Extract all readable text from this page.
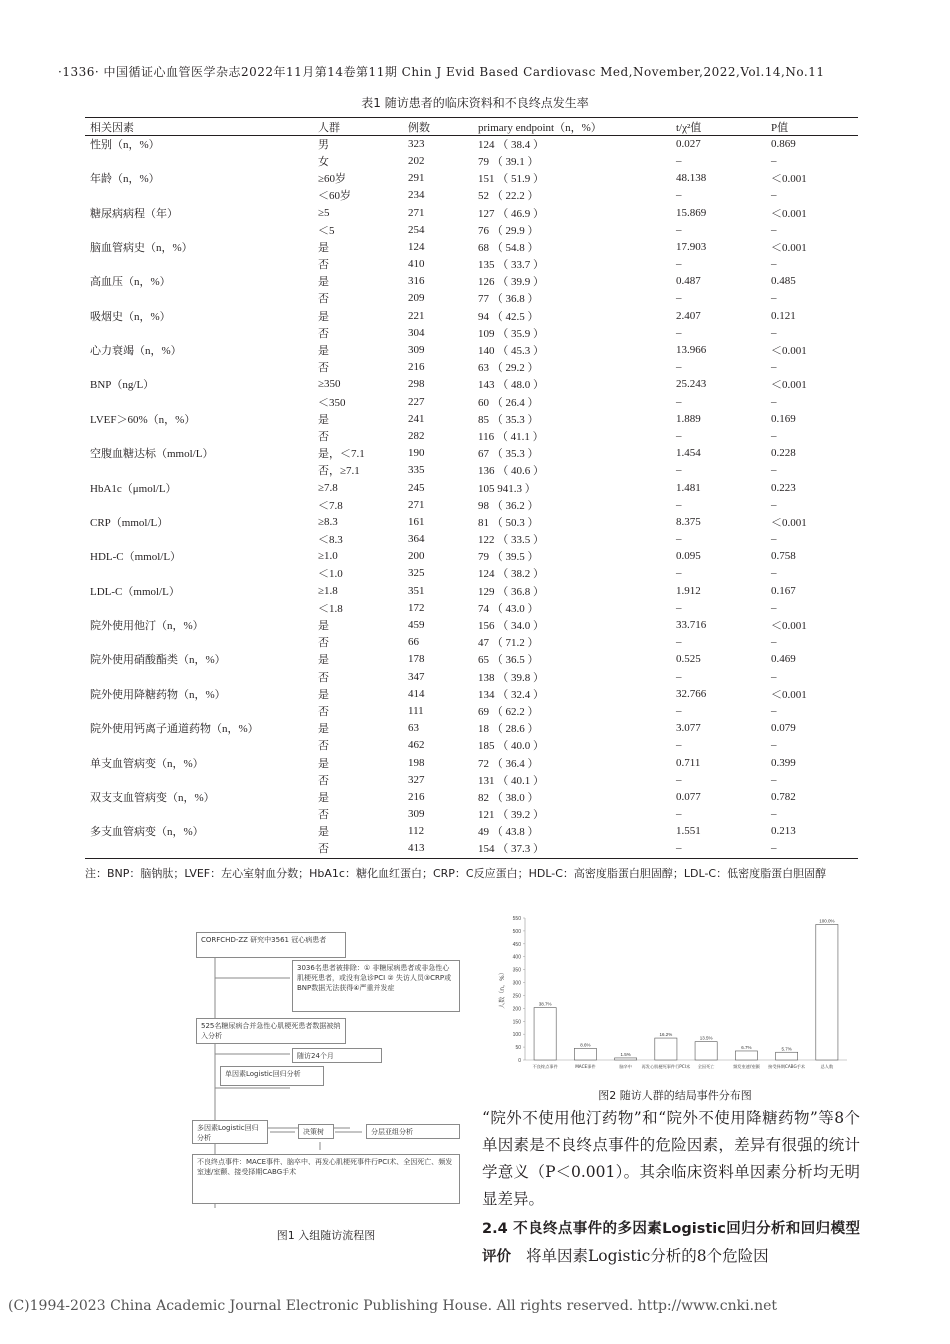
·1336· 中国循证心血管医学杂志2022年11月第14卷第11期 Chin J Evid Based Cardiovasc Med,November,2022,Vol.14,No.11
表1 随访患者的临床资料和不良终点发生率
相关因素	人群	例数	primary endpoint（n，%）	t/χ²值	P值
性别（n，%）	男	323	124 （ 38.4 ）	0.027	0.869
	女	202	79 （ 39.1 ）	–	–
年龄（n，%）	≥60岁	291	151 （ 51.9 ）	48.138	＜0.001
	＜60岁	234	52 （ 22.2 ）	–	–
糖尿病病程（年）	≥5	271	127 （ 46.9 ）	15.869	＜0.001
	＜5	254	76 （ 29.9 ）	–	–
脑血管病史（n，%）	是	124	68 （ 54.8 ）	17.903	＜0.001
	否	410	135 （ 33.7 ）	–	–
高血压（n，%）	是	316	126 （ 39.9 ）	0.487	0.485
	否	209	77 （ 36.8 ）	–	–
吸烟史（n，%）	是	221	94 （ 42.5 ）	2.407	0.121
	否	304	109 （ 35.9 ）	–	–
心力衰竭（n，%）	是	309	140 （ 45.3 ）	13.966	＜0.001
	否	216	63 （ 29.2 ）	–	–
BNP（ng/L）	≥350	298	143 （ 48.0 ）	25.243	＜0.001
	＜350	227	60 （ 26.4 ）	–	–
LVEF＞60%（n，%）	是	241	85 （ 35.3 ）	1.889	0.169
	否	282	116 （ 41.1 ）	–	–
空腹血糖达标（mmol/L）	是，＜7.1	190	67 （ 35.3 ）	1.454	0.228
	否，≥7.1	335	136 （ 40.6 ）	–	–
HbA1c（μmol/L）	≥7.8	245	105 941.3 ）	1.481	0.223
	＜7.8	271	98 （ 36.2 ）	–	–
CRP（mmol/L）	≥8.3	161	81 （ 50.3 ）	8.375	＜0.001
	＜8.3	364	122 （ 33.5 ）	–	–
HDL-C（mmol/L）	≥1.0	200	79 （ 39.5 ）	0.095	0.758
	＜1.0	325	124 （ 38.2 ）	–	–
LDL-C（mmol/L）	≥1.8	351	129 （ 36.8 ）	1.912	0.167
	＜1.8	172	74 （ 43.0 ）	–	–
院外使用他汀（n，%）	是	459	156 （ 34.0 ）	33.716	＜0.001
	否	66	47 （ 71.2 ）	–	–
院外使用硝酸酯类（n，%）	是	178	65 （ 36.5 ）	0.525	0.469
	否	347	138 （ 39.8 ）	–	–
院外使用降糖药物（n，%）	是	414	134 （ 32.4 ）	32.766	＜0.001
	否	111	69 （ 62.2 ）	–	–
院外使用钙离子通道药物（n，%）	是	63	18 （ 28.6 ）	3.077	0.079
	否	462	185 （ 40.0 ）	–	–
单支血管病变（n，%）	是	198	72 （ 36.4 ）	0.711	0.399
	否	327	131 （ 40.1 ）	–	–
双支支血管病变（n，%）	是	216	82 （ 38.0 ）	0.077	0.782
	否	309	121 （ 39.2 ）	–	–
多支血管病变（n，%）	是	112	49 （ 43.8 ）	1.551	0.213
	否	413	154 （ 37.3 ）	–	–
注：BNP：脑钠肽；LVEF：左心室射血分数；HbA1c：糖化血红蛋白；CRP：C反应蛋白；HDL-C：高密度脂蛋白胆固醇；LDL-C：低密度脂蛋白胆固醇
CORFCHD-ZZ 研究中3561 冠心病患者
3036名患者被排除：① 非糖尿病患者或非急性心肌梗死患者，或没有急诊PCI ② 失访人员③CRP或BNP数据无法获得④严重并发症
525名糖尿病合并急性心肌梗死患者数据被纳入分析
随访24个月
单因素Logistic回归分析
多因素Logistic回归分析
决策树	分层亚组分析
不良终点事件：MACE事件、脑卒中、再发心肌梗死事件行PCI术、全因死亡、频发室速/室颤、接受择期CABG手术
图1 入组随访流程图
0
50
100
150
200
250
300
350
400
450
500
550
人数（n，%）	38.7%
不良终点事件
8.6%
MACE事件
1.5%
脑卒中
16.2%
再发心肌梗死事件行PCI术
13.5%
全因死亡
6.7%
频发室速/室颤
5.7%
接受择期CABG手术
100.0%
总人数
图2 随访人群的结局事件分布图
“院外不使用他汀药物”和“院外不使用降糖药物”等8个单因素是不良终点事件的危险因素，差异有很强的统计学意义（P＜0.001）。其余临床资料单因素分析均无明显差异。
2.4 不良终点事件的多因素Logistic回归分析和回归模型评价 将单因素Logistic分析的8个危险因
(C)1994-2023 China Academic Journal Electronic Publishing House. All rights reserved. http://www.cnki.net
